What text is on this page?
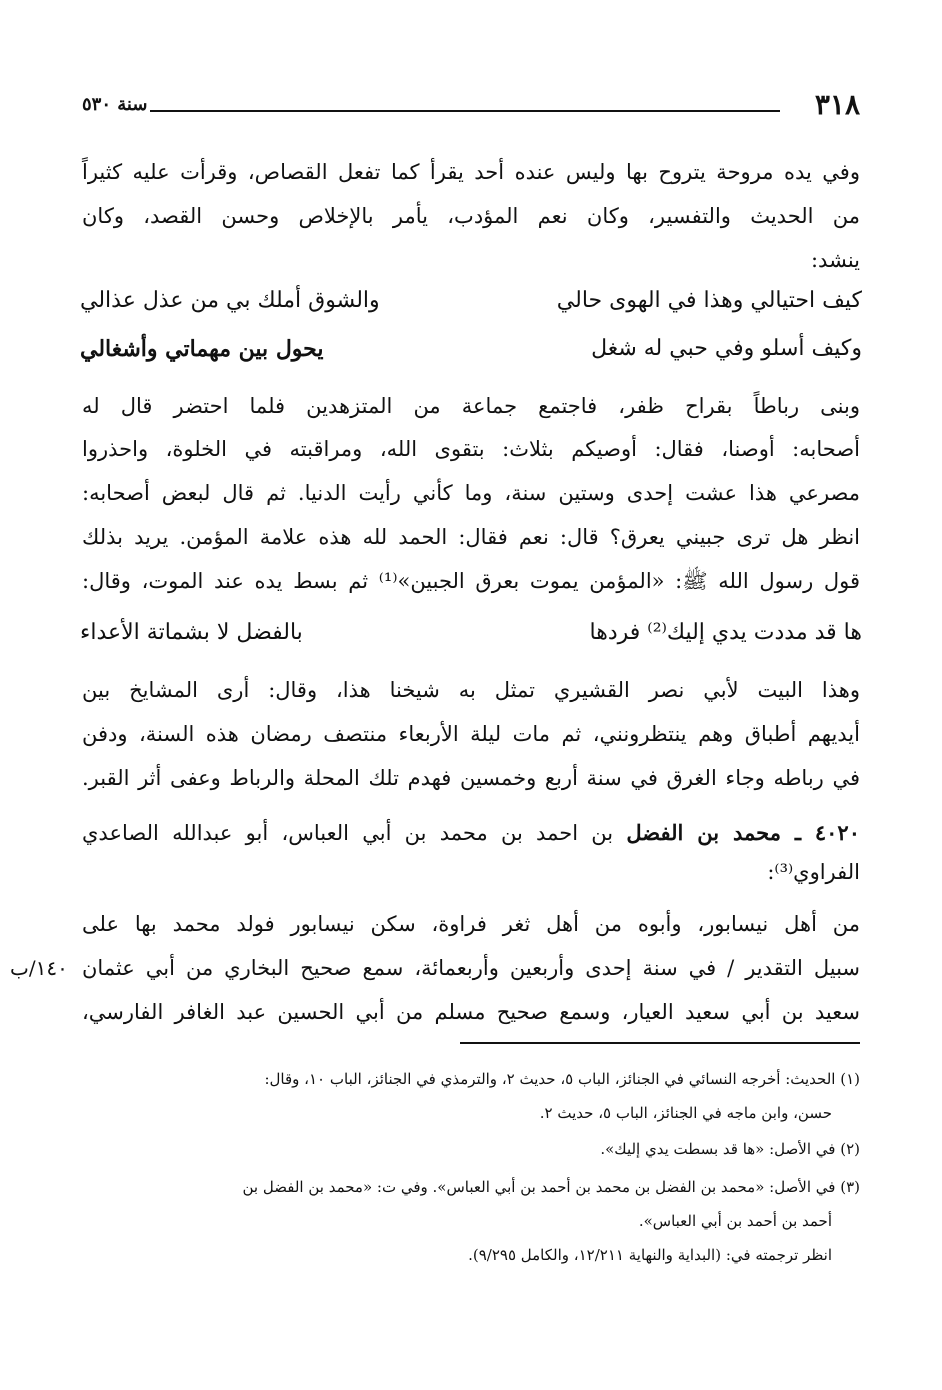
٣١٨
سنة ٥٣٠
وفي يده مروحة يتروح بها وليس عنده أحد يقرأ كما تفعل القصاص، وقرأت عليه كثيراً
من الحديث والتفسير، وكان نعم المؤدب، يأمر بالإخلاص وحسن القصد، وكان
ينشد:
كيف احتيالي وهذا في الهوى حالي
والشوق أملك بي من عذل عذالي
وكيف أسلو وفي حبي له شغل
يحول بين مهماتي وأشغالي
وبنى رباطاً بقراح ظفر، فاجتمع جماعة من المتزهدين فلما احتضر قال له
أصحابه: أوصنا، فقال: أوصيكم بثلاث: بتقوى الله، ومراقبته في الخلوة، واحذروا
مصرعي هذا عشت إحدى وستين سنة، وما كأني رأيت الدنيا. ثم قال لبعض أصحابه:
انظر هل ترى جبيني يعرق؟ قال: نعم فقال: الحمد لله هذه علامة المؤمن. يريد بذلك
قول رسول الله ﷺ: «المؤمن يموت بعرق الجبين»⁽¹⁾ ثم بسط يده عند الموت، وقال:
ها قد مددت يدي إليك⁽²⁾ فردها
بالفضل لا بشماتة الأعداء
وهذا البيت لأبي نصر القشيري تمثل به شيخنا هذا، وقال: أرى المشايخ بين
أيديهم أطباق وهم ينتظرونني، ثم مات ليلة الأربعاء منتصف رمضان هذه السنة، ودفن
في رباطه وجاء الغرق في سنة أربع وخمسين فهدم تلك المحلة والرباط وعفى أثر القبر.
٤٠٢٠ ـ محمد بن الفضل بن احمد بن محمد بن أبي العباس، أبو عبدالله الصاعدي
الفراوي⁽³⁾:
من أهل نيسابور، وأبوه من أهل ثغر فراوة، سكن نيسابور فولد محمد بها على
سبيل التقدير / في سنة إحدى وأربعين وأربعمائة، سمع صحيح البخاري من أبي عثمان
سعيد بن أبي سعيد العيار، وسمع صحيح مسلم من أبي الحسين عبد الغافر الفارسي،
١٤٠/ب
(١) الحديث: أخرجه النسائي في الجنائز، الباب ٥، حديث ٢، والترمذي في الجنائز، الباب ١٠، وقال:
حسن، وابن ماجه في الجنائز، الباب ٥، حديث ٢.
(٢) في الأصل: «ها قد بسطت يدي إليك».
(٣) في الأصل: «محمد بن الفضل بن محمد بن أحمد بن أبي العباس». وفي ت: «محمد بن الفضل بن
أحمد بن أحمد بن أبي العباس».
انظر ترجمته في: (البداية والنهاية ١٢/٢١١، والكامل ٩/٢٩٥).
